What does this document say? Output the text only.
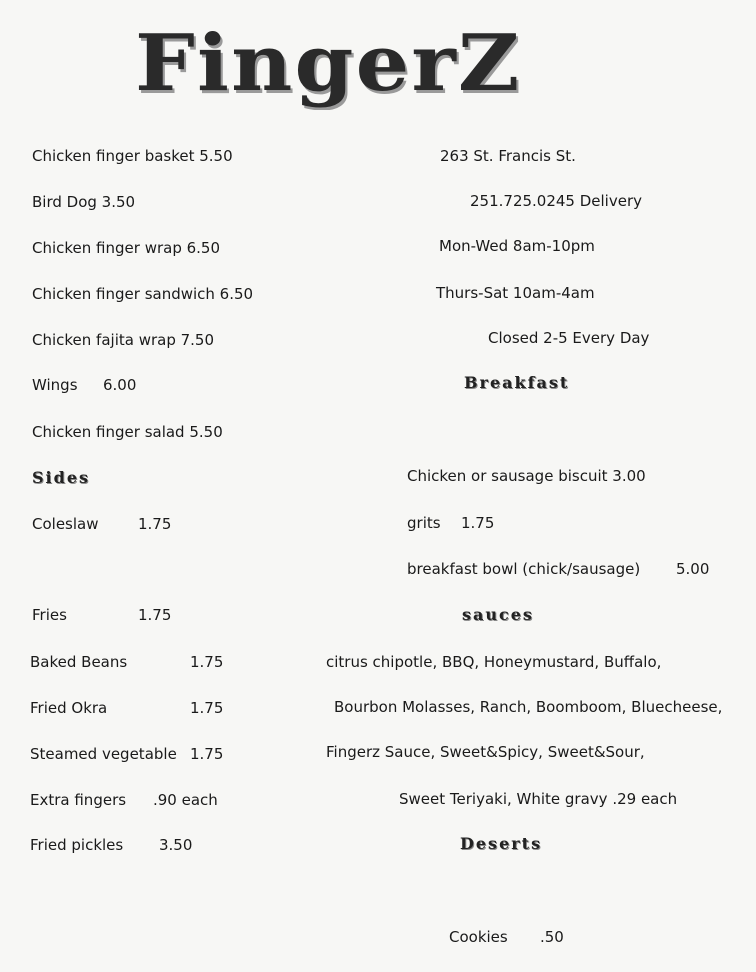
FingerZ
Chicken finger basket 5.50
Bird Dog 3.50
Chicken finger wrap 6.50
Chicken finger sandwich 6.50
Chicken fajita wrap 7.50
Wings 6.00
Chicken finger salad 5.50
Sides
Coleslaw	1.75
Fries	1.75
Baked Beans	1.75
Fried Okra	1.75
Steamed vegetable 1.75
Extra fingers .90 each
Fried pickles 3.50
263 St. Francis St.
251.725.0245 Delivery
Mon-Wed 8am-10pm
Thurs-Sat 10am-4am
Closed 2-5 Every Day
Breakfast
Chicken or sausage biscuit 3.00
grits 1.75
breakfast bowl (chick/sausage) 5.00
sauces
citrus chipotle, BBQ, Honeymustard, Buffalo,
Bourbon Molasses, Ranch, Boomboom, Bluecheese,
Fingerz Sauce, Sweet&Spicy, Sweet&Sour,
Sweet Teriyaki, White gravy .29 each
Deserts
Cookies .50
